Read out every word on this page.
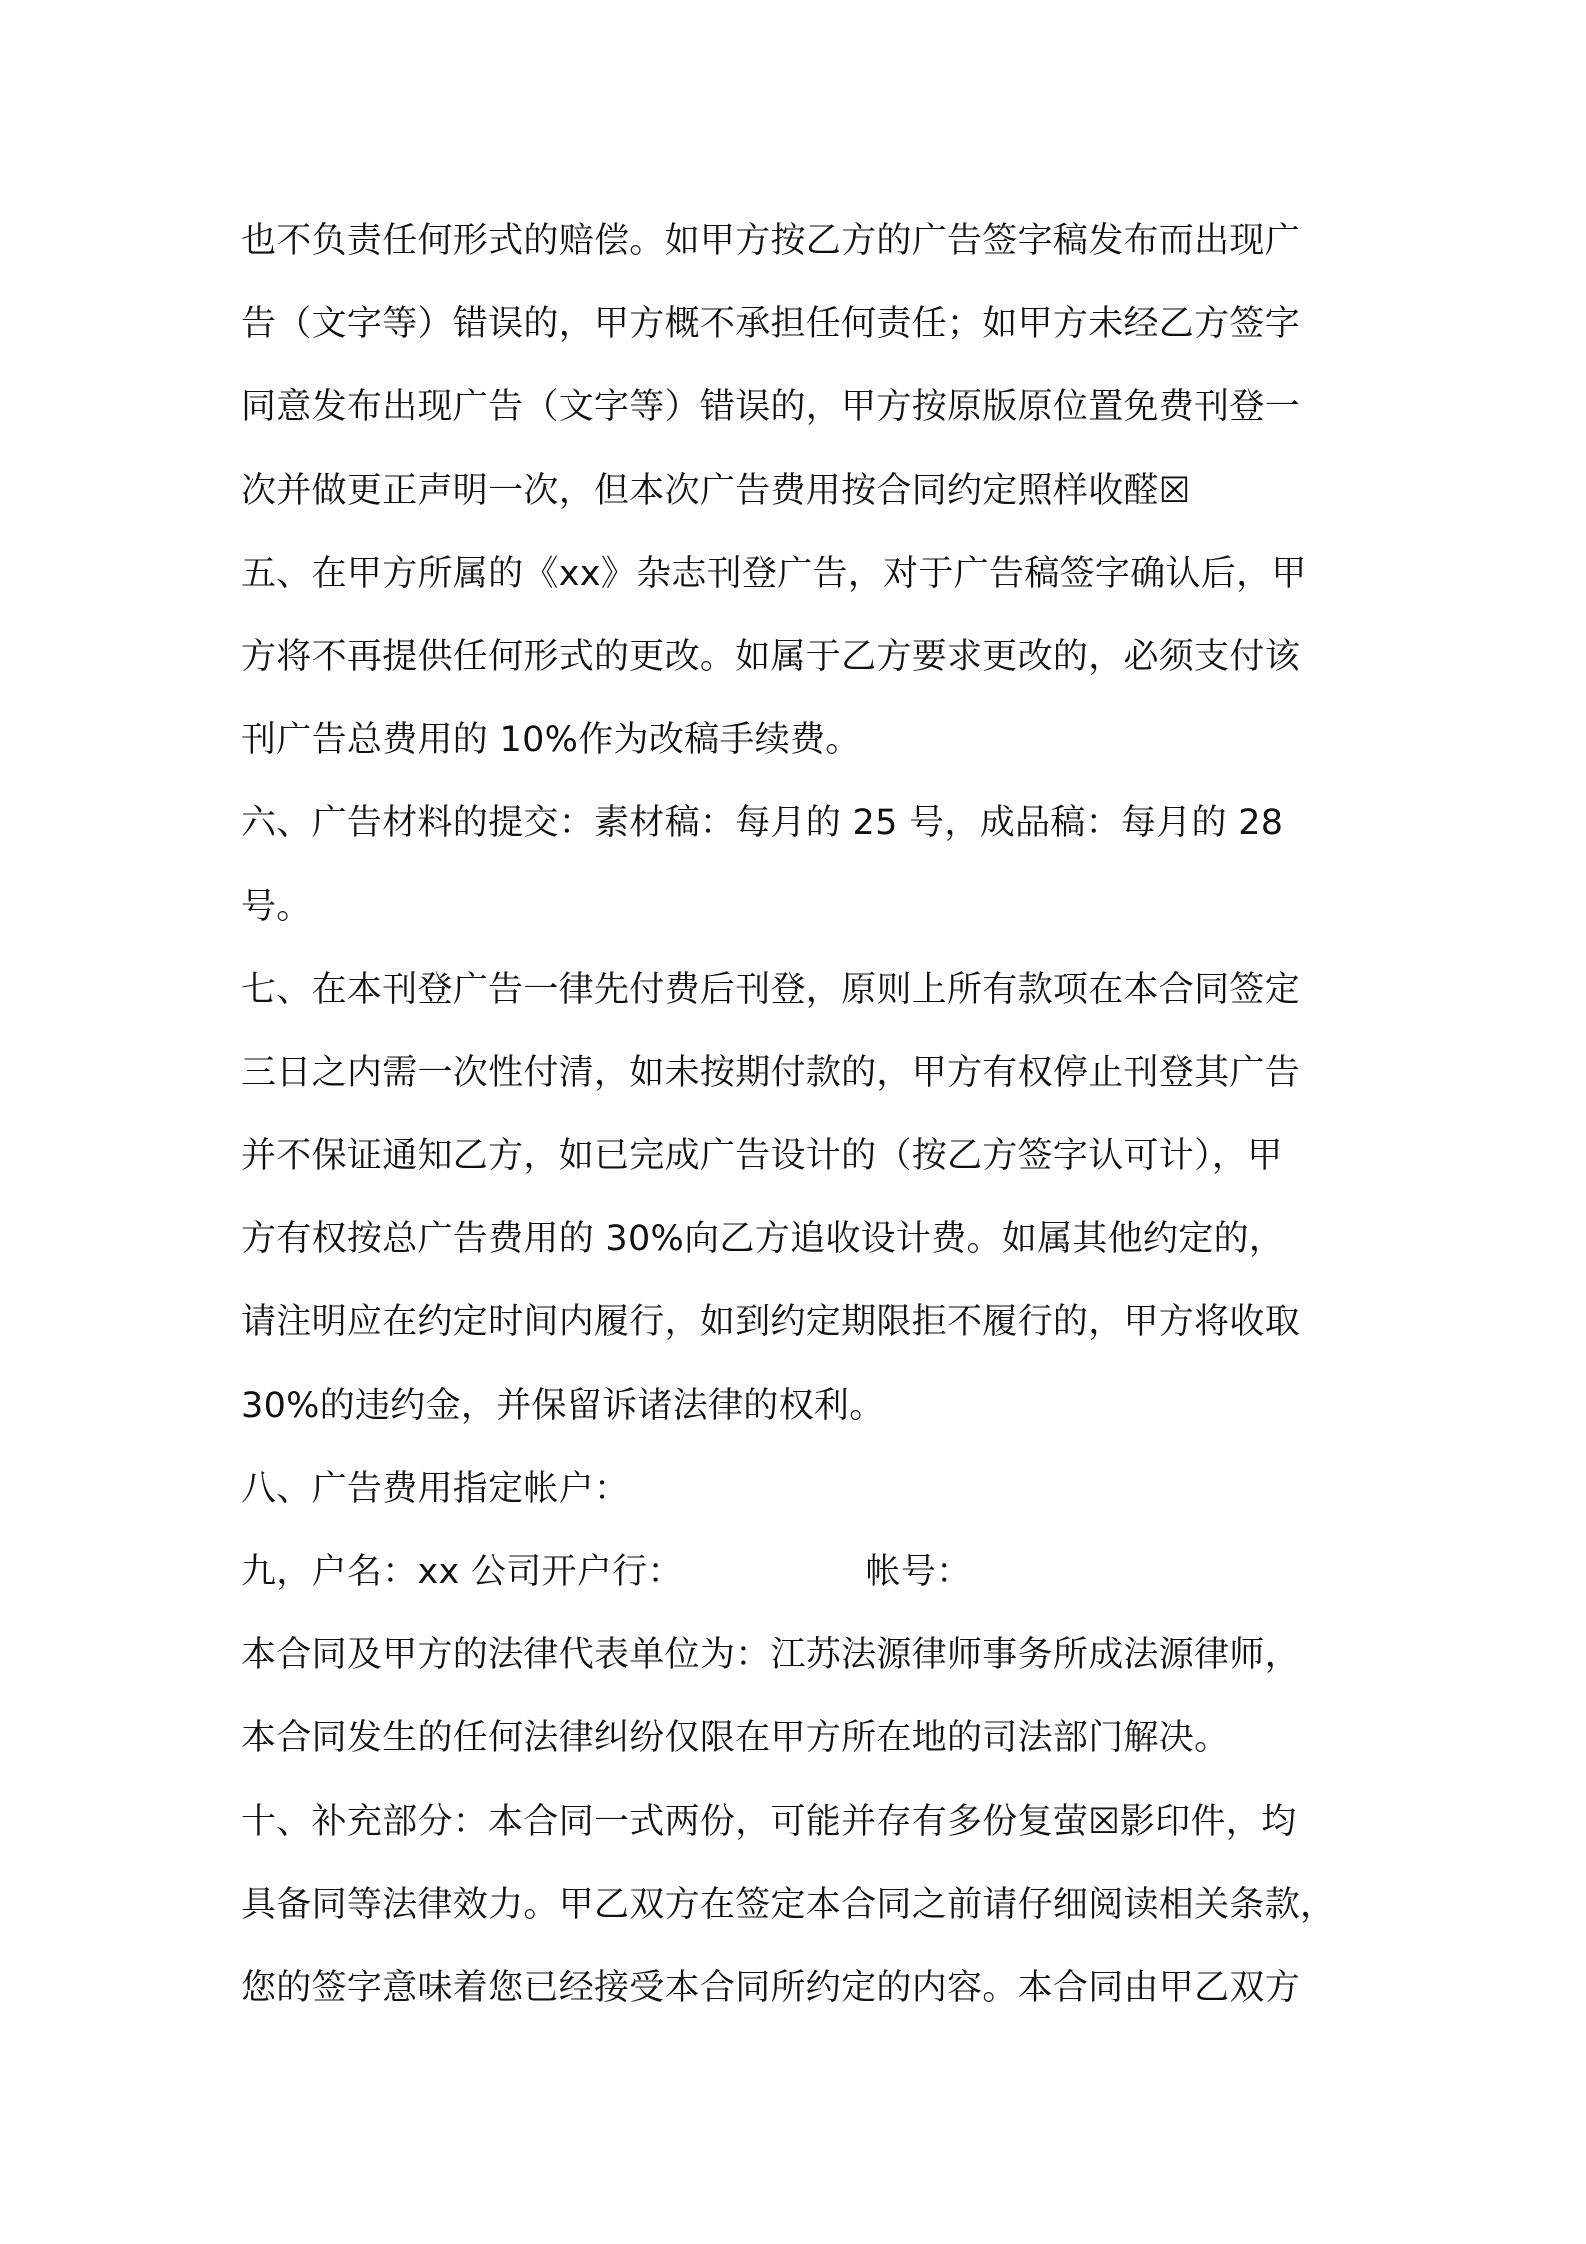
也不负责任何形式的赔偿。如甲方按乙方的广告签字稿发布而出现广
告（文字等）错误的，甲方概不承担任何责任；如甲方未经乙方签字
同意发布出现广告（文字等）错误的，甲方按原版原位置免费刊登一
次并做更正声明一次，但本次广告费用按合同约定照样收醛☒
五、在甲方所属的《xx》杂志刊登广告，对于广告稿签字确认后，甲
方将不再提供任何形式的更改。如属于乙方要求更改的，必须支付该
刊广告总费用的 10%作为改稿手续费。
六、广告材料的提交：素材稿：每月的 25 号，成品稿：每月的 28
号。
七、在本刊登广告一律先付费后刊登，原则上所有款项在本合同签定
三日之内需一次性付清，如未按期付款的，甲方有权停止刊登其广告
并不保证通知乙方，如已完成广告设计的（按乙方签字认可计），甲
方有权按总广告费用的 30%向乙方追收设计费。如属其他约定的，
请注明应在约定时间内履行，如到约定期限拒不履行的，甲方将收取
30%的违约金，并保留诉诸法律的权利。
八、广告费用指定帐户：
九，户名：xx 公司开户行：                帐号：
本合同及甲方的法律代表单位为：江苏法源律师事务所成法源律师，
本合同发生的任何法律纠纷仅限在甲方所在地的司法部门解决。
十、补充部分：本合同一式两份，可能并存有多份复萤☒影印件，均
具备同等法律效力。甲乙双方在签定本合同之前请仔细阅读相关条款，
您的签字意味着您已经接受本合同所约定的内容。本合同由甲乙双方
